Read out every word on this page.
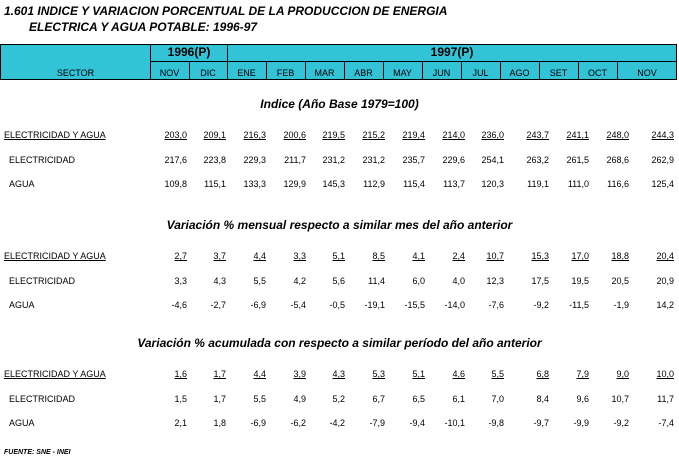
1.601 INDICE Y VARIACION PORCENTUAL DE LA PRODUCCION DE ENERGIA
ELECTRICA Y AGUA POTABLE: 1996-97
SECTOR
1996(P)	1997(P)
NOV	DIC	ENE	FEB	MAR	ABR	MAY	JUN	JUL	AGO	SET	OCT	NOV
Indice (Año Base 1979=100)
ELECTRICIDAD Y AGUA	203,0	209,1	216,3	200,6	219,5	215,2	219,4	214,0	236,0	243,7	241,1	248,0	244,3
ELECTRICIDAD	217,6	223,8	229,3	211,7	231,2	231,2	235,7	229,6	254,1	263,2	261,5	268,6	262,9
AGUA	109,8	115,1	133,3	129,9	145,3	112,9	115,4	113,7	120,3	119,1	111,0	116,6	125,4
Variación % mensual respecto a similar mes del año anterior
ELECTRICIDAD Y AGUA	2,7	3,7	4,4	3,3	5,1	8,5	4,1	2,4	10,7	15,3	17,0	18,8	20,4
ELECTRICIDAD	3,3	4,3	5,5	4,2	5,6	11,4	6,0	4,0	12,3	17,5	19,5	20,5	20,9
AGUA	-4,6	-2,7	-6,9	-5,4	-0,5	-19,1	-15,5	-14,0	-7,6	-9,2	-11,5	-1,9	14,2
Variación % acumulada con respecto a similar período del año anterior
ELECTRICIDAD Y AGUA	1,6	1,7	4,4	3,9	4,3	5,3	5,1	4,6	5,5	6,8	7,9	9,0	10,0
ELECTRICIDAD	1,5	1,7	5,5	4,9	5,2	6,7	6,5	6,1	7,0	8,4	9,6	10,7	11,7
AGUA	2,1	1,8	-6,9	-6,2	-4,2	-7,9	-9,4	-10,1	-9,8	-9,7	-9,9	-9,2	-7,4
FUENTE: SNE - INEI
